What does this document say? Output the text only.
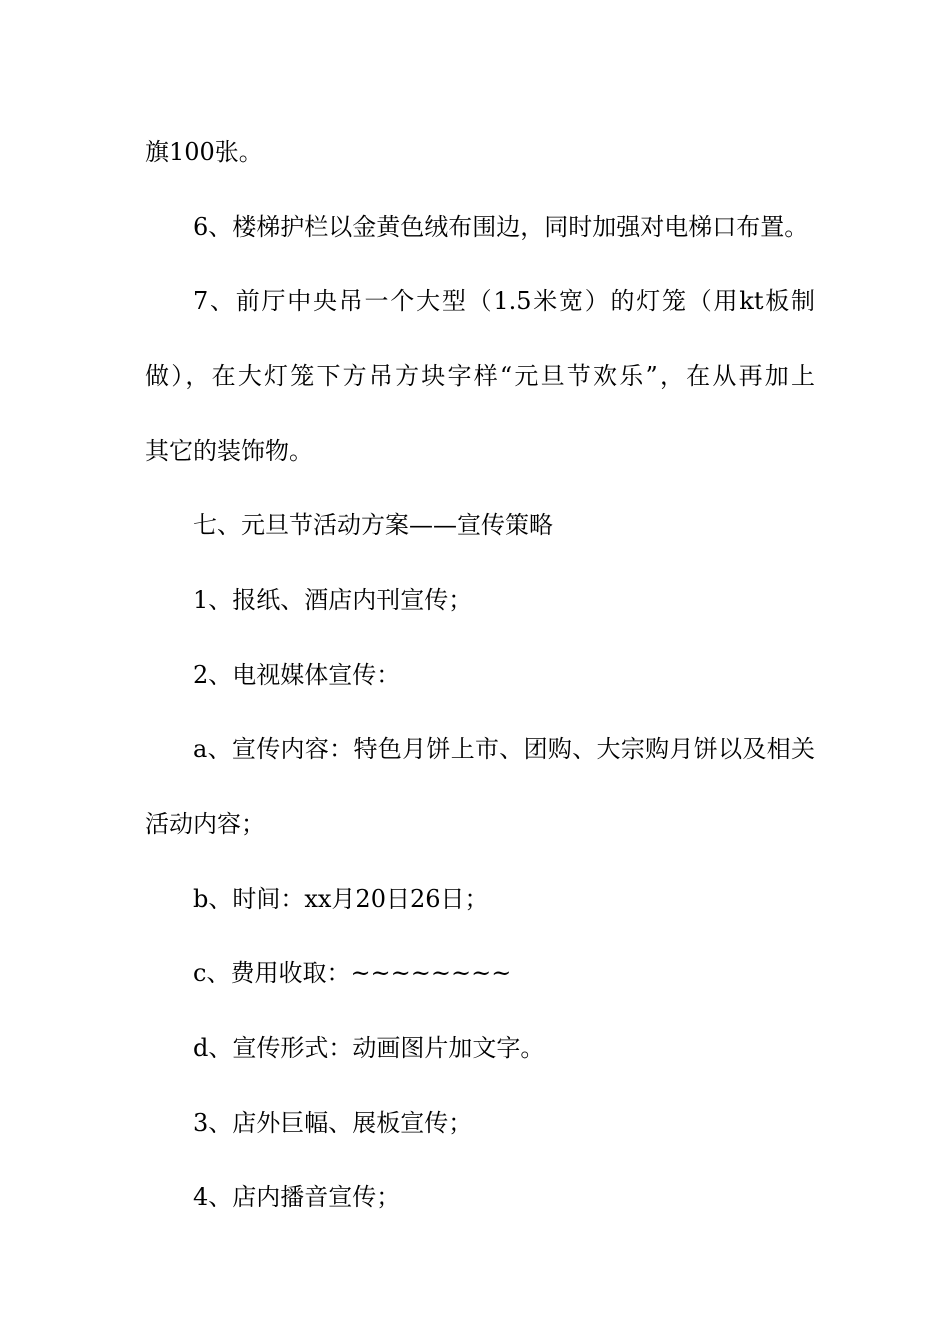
旗100张。
6、楼梯护栏以金黄色绒布围边，同时加强对电梯口布置。
7、前厅中央吊一个大型（1.5米宽）的灯笼（用kt板制
做），在大灯笼下方吊方块字样“元旦节欢乐”，在从再加上
其它的装饰物。
七、元旦节活动方案——宣传策略
1、报纸、酒店内刊宣传；
2、电视媒体宣传：
a、宣传内容：特色月饼上市、团购、大宗购月饼以及相关
活动内容；
b、时间：xx月20日26日；
c、费用收取：~~~~~~~~
d、宣传形式：动画图片加文字。
3、店外巨幅、展板宣传；
4、店内播音宣传；
